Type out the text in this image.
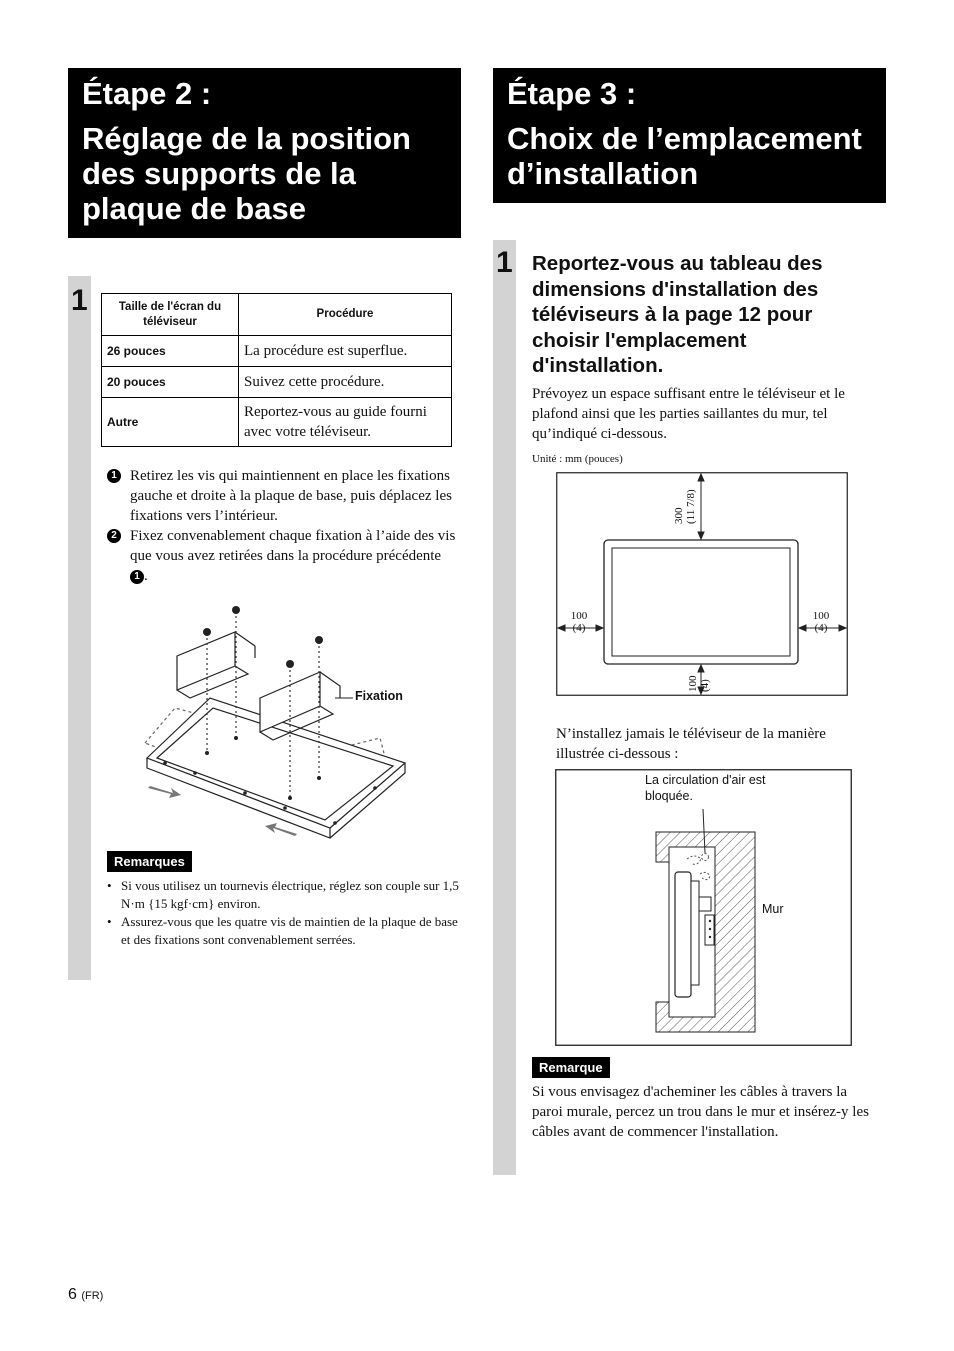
Étape 2 :
Réglage de la position des supports de la plaque de base
1	Taille de l'écran du téléviseur	Procédure
26 pouces	La procédure est superflue.
20 pouces	Suivez cette procédure.
Autre	Reportez-vous au guide fourni avec votre téléviseur.
1 Retirez les vis qui maintiennent en place les fixations gauche et droite à la plaque de base, puis déplacez les fixations vers l’intérieur.
2 Fixez convenablement chaque fixation à l’aide des vis que vous avez retirées dans la procédure précédente 1 .
Fixation
Remarques
• Si vous utilisez un tournevis électrique, réglez son couple sur 1,5 N·m {15 kgf·cm} environ.
• Assurez-vous que les quatre vis de maintien de la plaque de base et des fixations sont convenablement serrées.
Étape 3 :
Choix de l’emplacement d’installation
1 Reportez-vous au tableau des dimensions d'installation des téléviseurs à la page 12 pour choisir l'emplacement d'installation.
Prévoyez un espace suffisant entre le téléviseur et le plafond ainsi que les parties saillantes du mur, tel qu’indiqué ci-dessous.
Unité : mm (pouces)
300
(11 7/8)
100
(4)
100
(4)
100
(4)
N’installez jamais le téléviseur de la manière illustrée ci-dessous :
La circulation d'air est bloquée.
Mur
Remarque
Si vous envisagez d'acheminer les câbles à travers la paroi murale, percez un trou dans le mur et insérez-y les câbles avant de commencer l'installation.
6 (FR)
